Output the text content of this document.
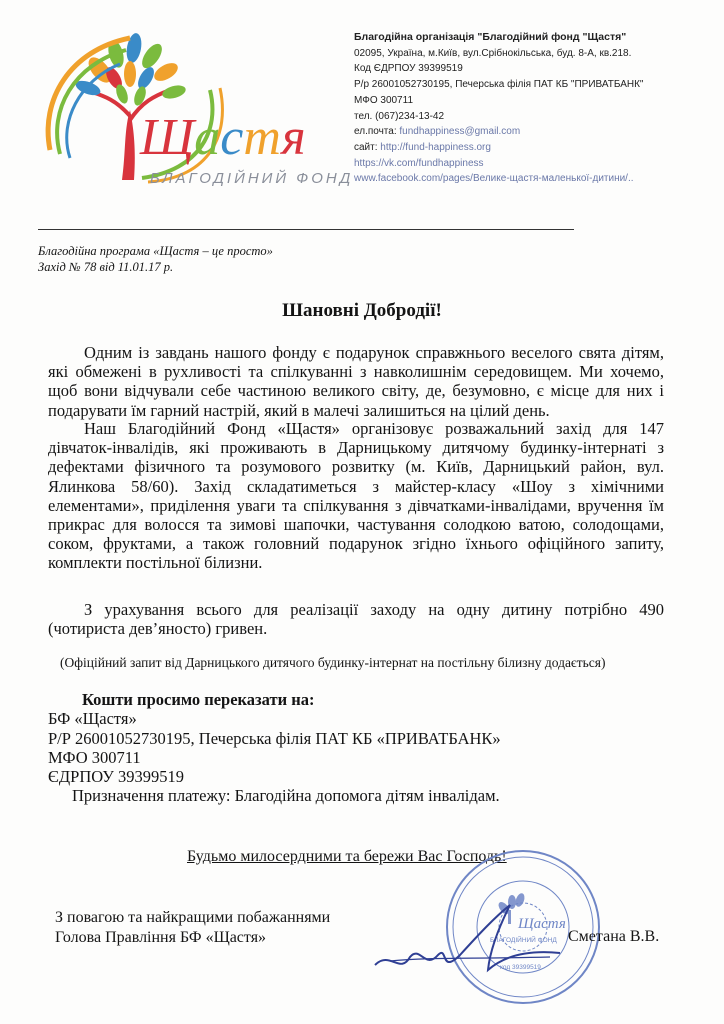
Щастя
БЛАГОДІЙНИЙ ФОНД
Благодійна організація "Благодійний фонд "Щастя"
02095, Україна, м.Київ, вул.Срібнокільська, буд. 8-А, кв.218.
Код ЄДРПОУ 39399519
Р/р 26001052730195, Печерська філія ПАТ КБ "ПРИВАТБАНК"
МФО 300711
тел. (067)234-13-42
ел.почта: fundhappiness@gmail.com
сайт: http://fund-happiness.org
https://vk.com/fundhappiness
www.facebook.com/pages/Велике-щастя-маленької-дитини/..
Благодійна програма «Щастя – це просто»
Захід № 78 від 11.01.17 р.
Шановні Добродії!
Одним із завдань нашого фонду є подарунок справжнього веселого свята дітям, які обмежені в рухливості та спілкуванні з навколишнім середовищем. Ми хочемо, щоб вони відчували себе частиною великого світу, де, безумовно, є місце для них і подарувати їм гарний настрій, який в малечі залишиться на цілий день.
Наш Благодійний Фонд «Щастя» організовує розважальний захід для 147 дівчаток-інвалідів, які проживають в Дарницькому дитячому будинку-інтернаті з дефектами фізичного та розумового розвитку (м. Київ, Дарницький район, вул. Ялинкова 58/60). Захід складатиметься з майстер-класу «Шоу з хімічними елементами», приділення уваги та спілкування з дівчатками-інвалідами, вручення їм прикрас для волосся та зимові шапочки, частування солодкою ватою, солодощами, соком, фруктами, а також головний подарунок згідно їхнього офіційного запиту, комплекти постільної білизни.
З урахування всього для реалізації заходу на одну дитину потрібно 490 (чотириста дев’яносто) гривен.
(Офіційний запит від Дарницького дитячого будинку-інтернат на постільну білизну додається)
Кошти просимо переказати на:
БФ «Щастя»
Р/Р 26001052730195, Печерська філія ПАТ КБ «ПРИВАТБАНК»
МФО 300711
ЄДРПОУ 39399519
Призначення платежу: Благодійна допомога дітям інвалідам.
Будьмо милосердними та бережи Вас Господь!
Щастя
БЛАГОДІЙНИЙ ФОНД
код 39399519
З повагою та найкращими побажаннями
Голова Правління БФ «Щастя»	Сметана В.В.
